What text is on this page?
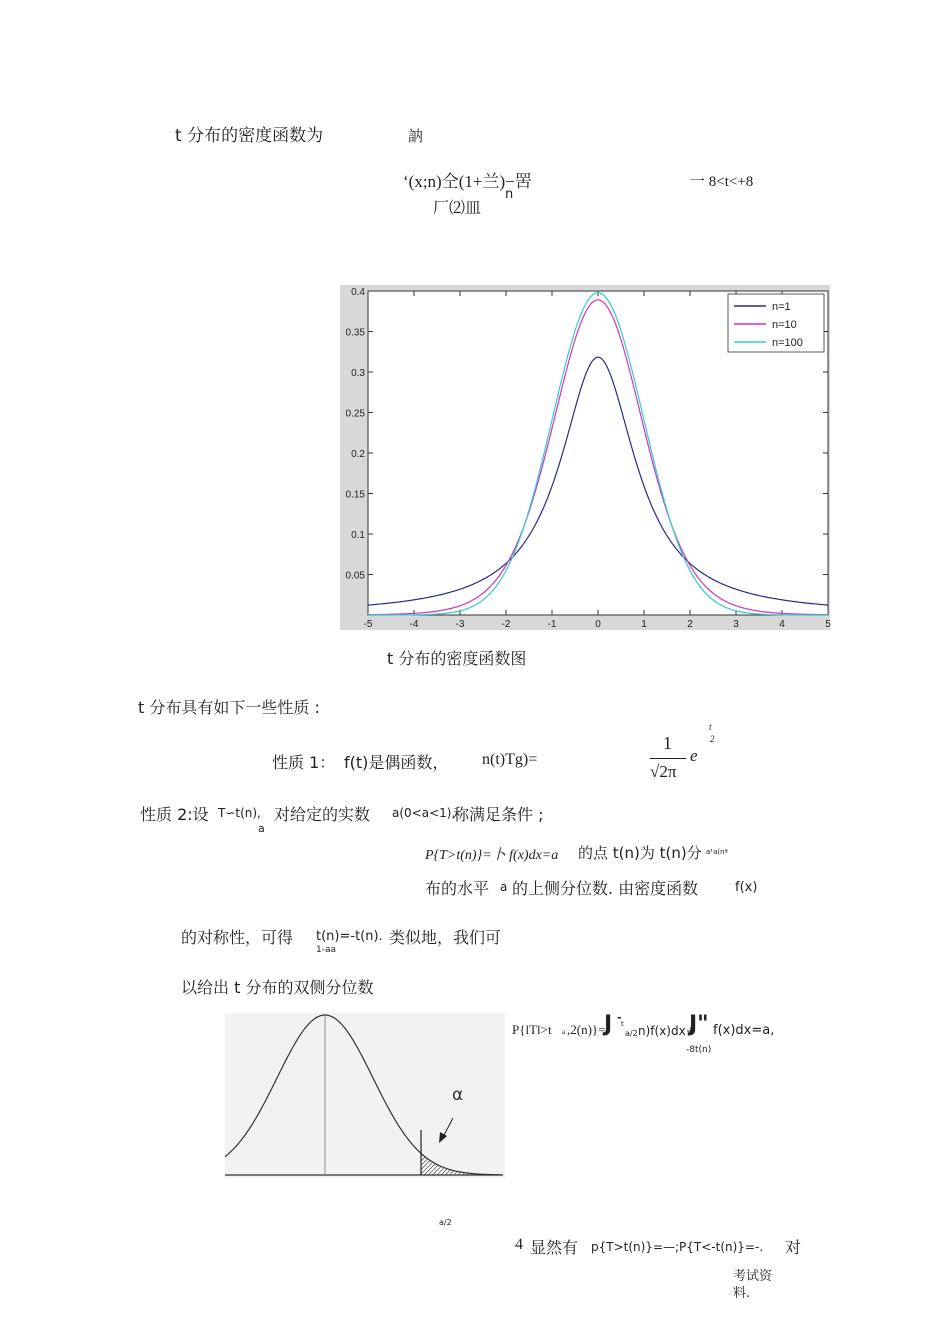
t 分布的密度函数为	訥
‘(x;n)仝(1+兰)−罟
厂⑵皿
n
一 8<t<+8
-5	-4	-3	-2	-1	0	1	2	3	4	5
0.05
0.1
0.15
0.2
0.25
0.3
0.35
0.4
n=1
n=10
n=100
t 分布的密度函数图
t 分布具有如下一些性质 :
性质 1： f(t)是偶函数， n(t)Tg)=
1
√2π
e
t
2
性质 2:设 T∽t(n),
a
对给定的实数 a(0<a<1),
称满足条件 ;
P{T>t(n)}=卜 f(x)dx=a 的点 t(n)为 t(n)分 a¹a(nª
布的水平 a 的上侧分位数. 由密度函数	f(x)
的对称性，可得 t(n)=-t(n).
1-aa
类似地，我们可
以给出 t 分布的双侧分位数
α
P{lTl>t a ,2(n)}=
J - t
a/2 n)f(x)dx+
J" f(x)dx=a,
-8t(n)
a/2
4 显然有 p{T>t(n)}=—;P{T<-t(n)}=-. 对
考试资
料.
